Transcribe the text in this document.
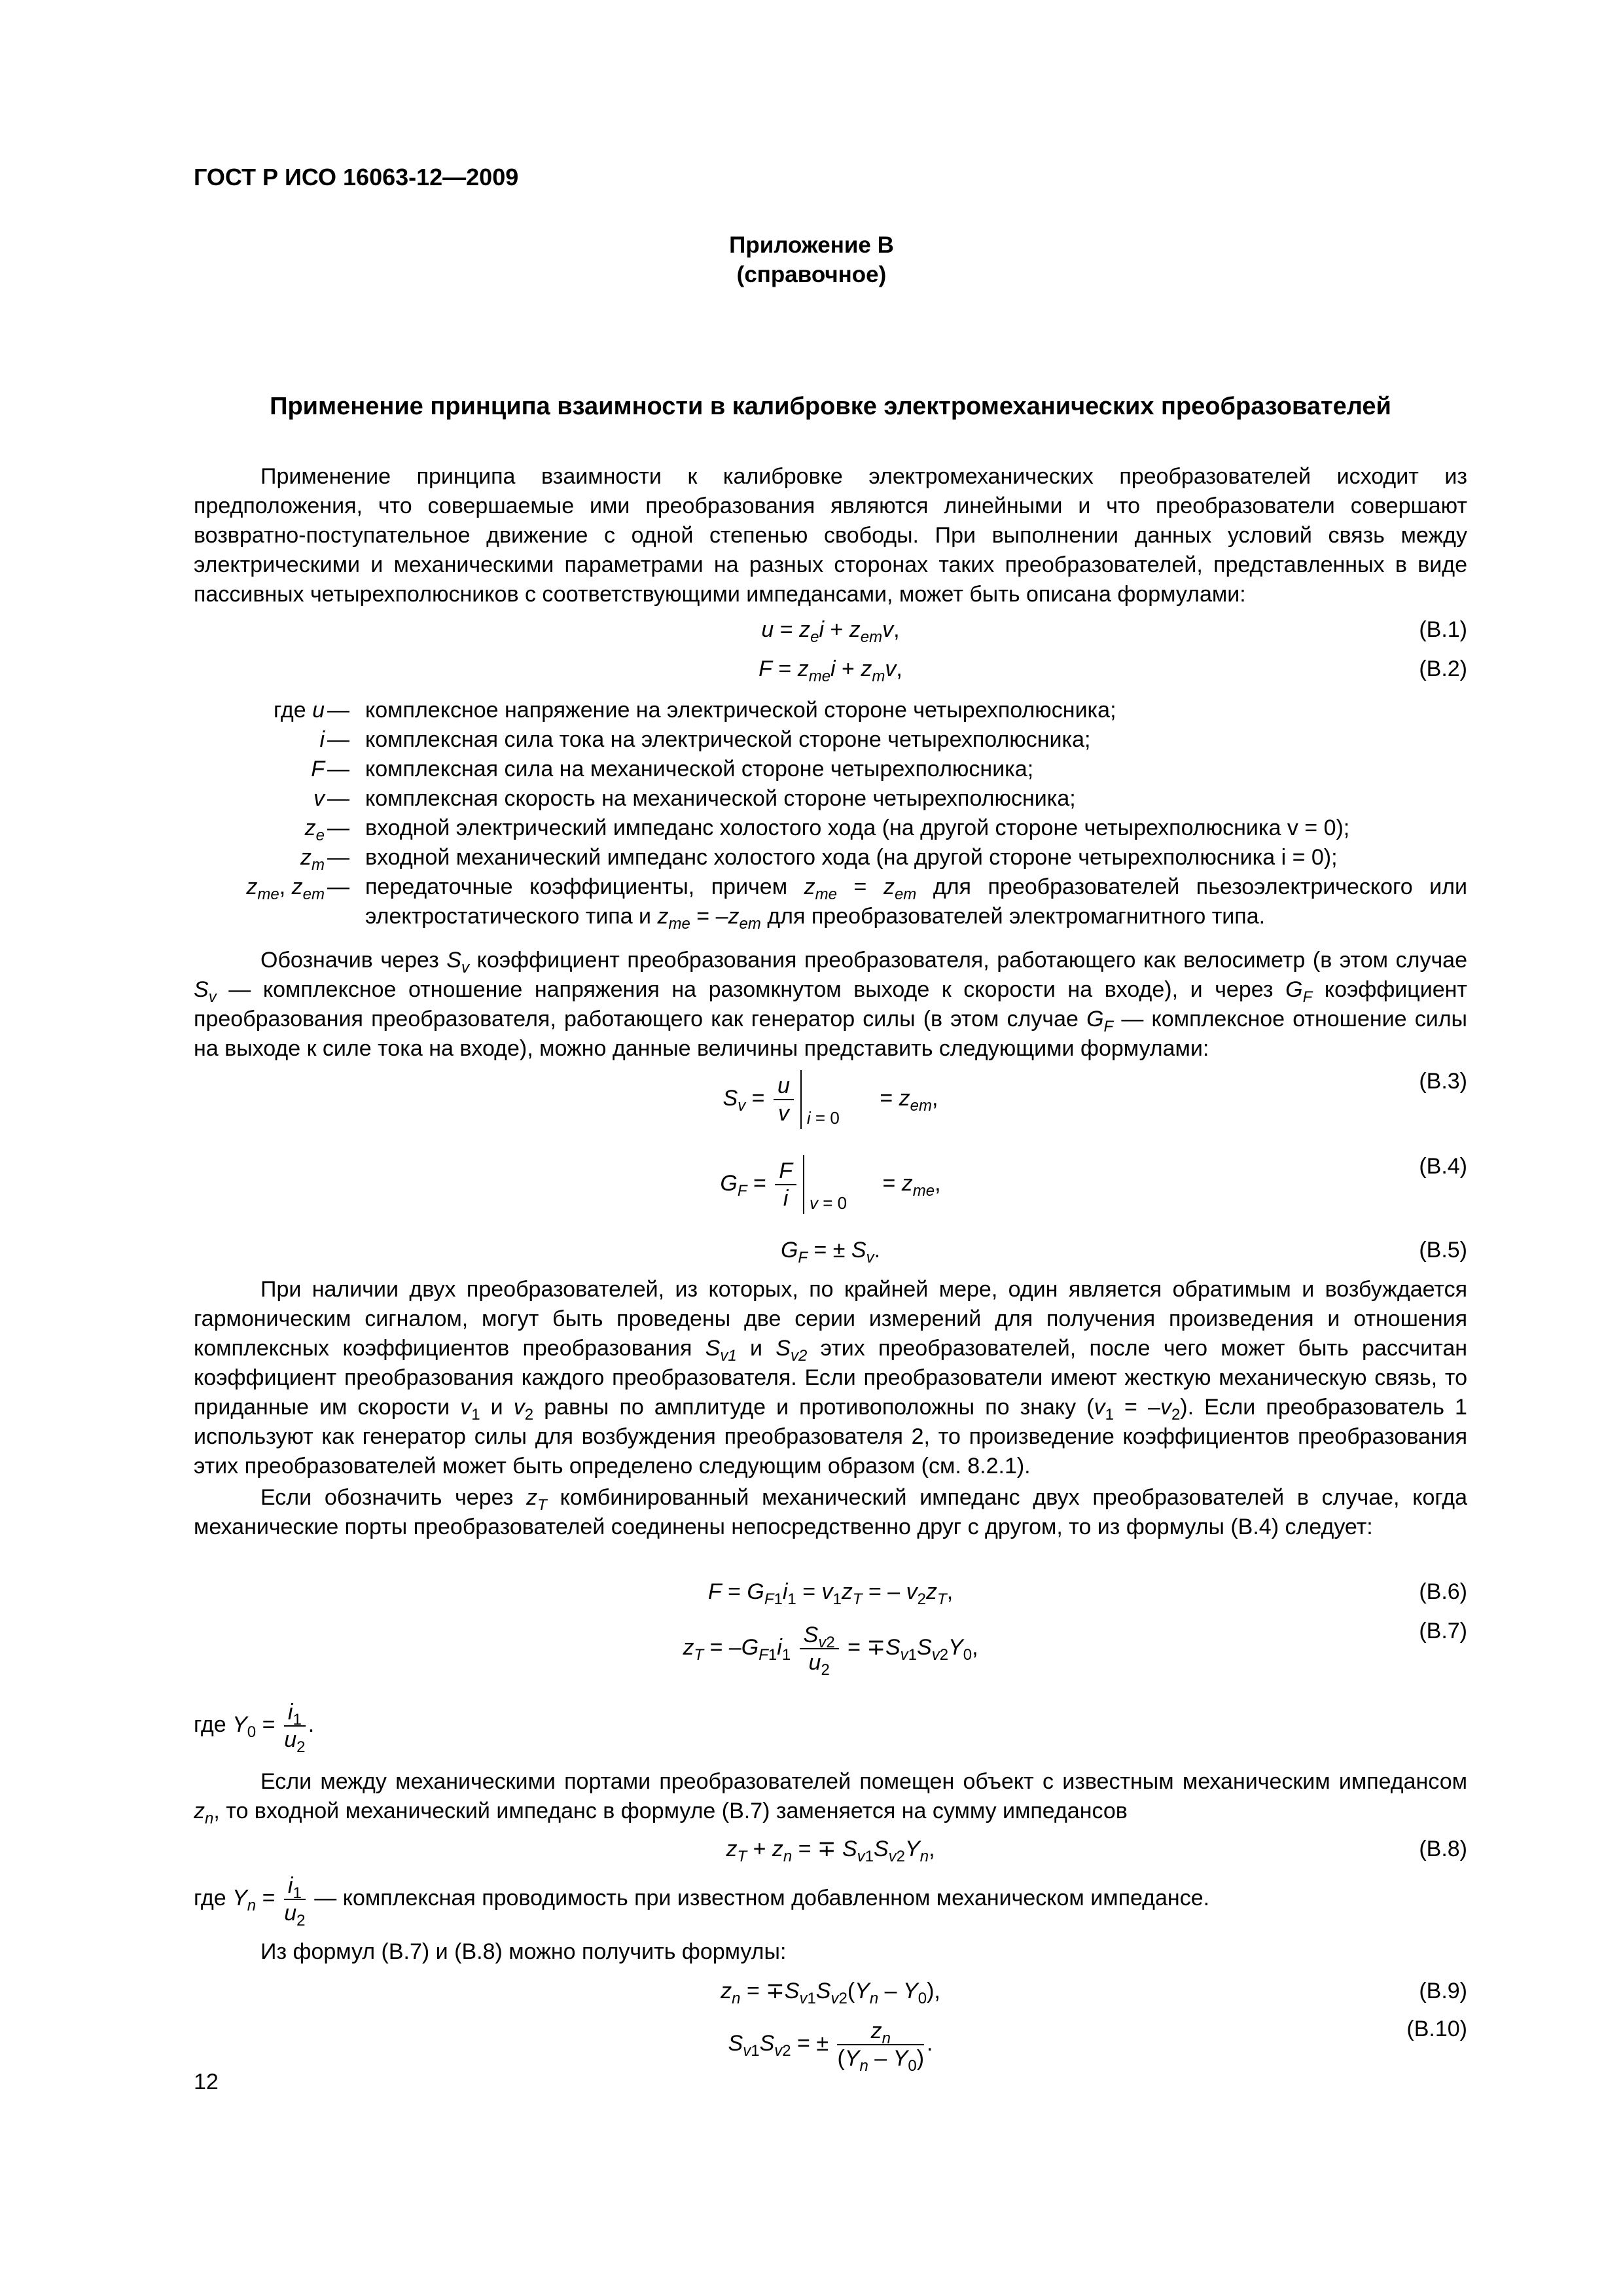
ГОСТ Р ИСО 16063-12—2009
Приложение В
(справочное)
Применение принципа взаимности в калибровке электромеханических преобразователей
Применение принципа взаимности к калибровке электромеханических преобразователей исходит из предположения, что совершаемые ими преобразования являются линейными и что преобразователи совершают возвратно-поступательное движение с одной степенью свободы. При выполнении данных условий связь между электрическими и механическими параметрами на разных сторонах таких преобразователей, представленных в виде пассивных четырехполюсников с соответствующими импедансами, может быть описана формулами:
$u = z_ei + z_{em}v$,	(В.1)
$F = z_{me}i + z_mv$,	(В.2)
где u — комплексное напряжение на электрической стороне четырехполюсника;
i — комплексная сила тока на электрической стороне четырехполюсника;
F — комплексная сила на механической стороне четырехполюсника;
v — комплексная скорость на механической стороне четырехполюсника;
$z_e$ — входной электрический импеданс холостого хода (на другой стороне четырехполюсника v = 0);
$z_m$ — входной механический импеданс холостого хода (на другой стороне четырехполюсника i = 0);
$z_{me}$, $z_{em}$ — передаточные коэффициенты, причем $z_{me} = z_{em}$ для преобразователей пьезоэлектрического или электростатического типа и $z_{me} = -z_{em}$ для преобразователей электромагнитного типа.
Обозначив через $S_v$ коэффициент преобразования преобразователя, работающего как велосиметр (в этом случае $S_v$ — комплексное отношение напряжения на разомкнутом выходе к скорости на входе), и через $G_F$ коэффициент преобразования преобразователя, работающего как генератор силы (в этом случае $G_F$ — комплексное отношение силы на выходе к силе тока на входе), можно данные величины представить следующими формулами:
$S_v = \frac{u}{v}$ i = 0
= $z_{em}$,
(В.3)
$G_F = \frac{F}{i}$ v = 0
= $z_{me}$,
(В.4)
$G_F$ = ± $S_v$.	(В.5)
При наличии двух преобразователей, из которых, по крайней мере, один является обратимым и возбуждается гармоническим сигналом, могут быть проведены две серии измерений для получения произведения и отношения комплексных коэффициентов преобразования $S_{v1}$ и $S_{v2}$ этих преобразователей, после чего может быть рассчитан коэффициент преобразования каждого преобразователя. Если преобразователи имеют жесткую механическую связь, то приданные им скорости $v_1$ и $v_2$ равны по амплитуде и противоположны по знаку $(v_1 = -v_2)$. Если преобразователь 1 используют как генератор силы для возбуждения преобразователя 2, то произведение коэффициентов преобразования этих преобразователей может быть определено следующим образом (см. 8.2.1).
Если обозначить через $z_T$ комбинированный механический импеданс двух преобразователей в случае, когда механические порты преобразователей соединены непосредственно друг с другом, то из формулы (В.4) следует:
$F = G_{F1}i_1 = v_1z_T$ = – $v_2z_T$,	(В.6)
$z_T = -G_{F1}i_1 \frac{S_{v2}}{u_2} = \mp S_{v1}S_{v2}Y_0$,
(В.7)
где $Y_0 = \frac{i_1}{u_2}$ .
Если между механическими портами преобразователей помещен объект с известным механическим импедансом $z_n$, то входной механический импеданс в формуле (В.7) заменяется на сумму импедансов
$z_T + z_n$ = ∓ $S_{v1}S_{v2}Y_n$,	(В.8)
где $Y_n = \frac{i_1}{u_2}$ — комплексная проводимость при известном добавленном механическом импедансе.
Из формул (В.7) и (В.8) можно получить формулы:
$z_n = \mp S_{v1}S_{v2}(Y_n - Y_0)$,	(В.9)
$S_{v1}S_{v2}$ = ± $\frac{z_n}{(Y_n - Y_0)}$ .
(В.10)
12
